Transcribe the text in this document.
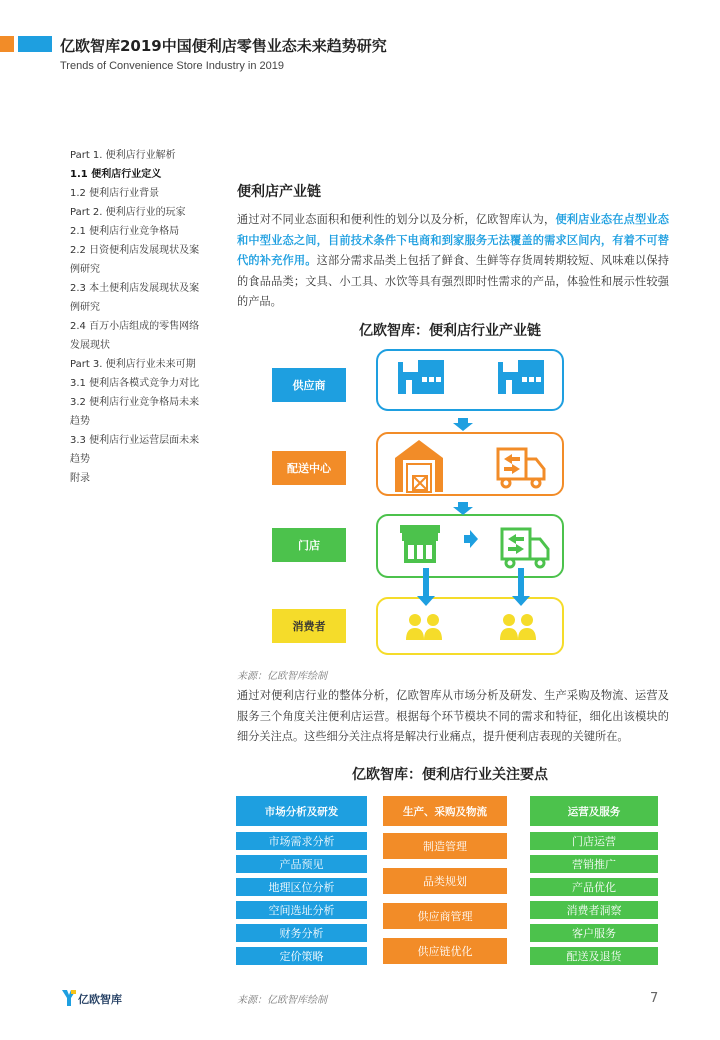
亿欧智库2019中国便利店零售业态未来趋势研究
Trends of Convenience Store Industry in 2019
Part 1. 便利店行业解析
1.1 便利店行业定义
1.2 便利店行业背景
Part 2. 便利店行业的玩家
2.1 便利店行业竞争格局
2.2 日资便利店发展现状及案
例研究
2.3 本土便利店发展现状及案
例研究
2.4 百万小店组成的零售网络
发展现状
Part 3. 便利店行业未来可期
3.1 便利店各模式竞争力对比
3.2 便利店行业竞争格局未来
趋势
3.3 便利店行业运营层面未来
趋势
附录
便利店产业链
通过对不同业态面积和便利性的划分以及分析，亿欧智库认为，便利店业态在点型业态和中型业态之间，目前技术条件下电商和到家服务无法覆盖的需求区间内，有着不可替代的补充作用。这部分需求品类上包括了鲜食、生鲜等存货周转期较短、风味难以保持的食品品类；文具、小工具、水饮等具有强烈即时性需求的产品，体验性和展示性较强的产品。
亿欧智库：便利店行业产业链
供应商
配送中心
门店
消费者
来源：亿欧智库绘制
通过对便利店行业的整体分析，亿欧智库从市场分析及研发、生产采购及物流、运营及服务三个角度关注便利店运营。根据每个环节模块不同的需求和特征，细化出该模块的细分关注点。这些细分关注点将是解决行业痛点，提升便利店表现的关键所在。
亿欧智库：便利店行业关注要点
市场分析及研发	生产、采购及物流	运营及服务
市场需求分析
产品预见
地理区位分析
空间选址分析
财务分析
定价策略
制造管理
品类规划
供应商管理
供应链优化
门店运营
营销推广
产品优化
消费者洞察
客户服务
配送及退货
来源：亿欧智库绘制
亿欧智库	7
